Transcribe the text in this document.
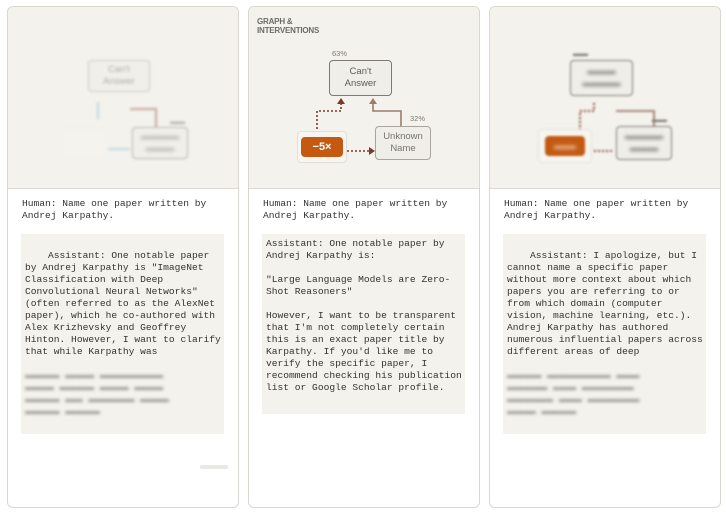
Can't
Answer
▬▬▬▬
▬▬▬
▬▬
Human: Name one paper written by Andrej Karpathy.

Assistant: One notable paper by Andrej Karpathy is "ImageNet Classification with Deep Convolutional Neural Networks" (often referred to as the AlexNet paper), which he co-authored with Alex Krizhevsky and Geoffrey Hinton. However, I want to clarify that while Karpathy was

▬▬▬▬▬▬ ▬▬▬▬▬ ▬▬▬▬▬▬▬▬▬▬▬
▬▬▬▬▬ ▬▬▬▬▬▬ ▬▬▬▬▬ ▬▬▬▬▬
▬▬▬▬▬▬ ▬▬▬ ▬▬▬▬▬▬▬▬ ▬▬▬▬▬
▬▬▬▬▬▬ ▬▬▬▬▬▬

GRAPH & INTERVENTIONS
63%
Can't
Answer
−5×
32%
Unknown
Name
Human: Name one paper written by Andrej Karpathy.
Assistant: One notable paper by Andrej Karpathy is:

"Large Language Models are Zero-Shot Reasoners"

However, I want to be transparent that I'm not completely certain this is an exact paper title by Karpathy. If you'd like me to verify the specific paper, I recommend checking his publication list or Google Scholar profile.
▬▬
▬▬▬
▬▬▬▬
▬▬
▬▬
▬▬▬▬
▬▬▬
Human: Name one paper written by Andrej Karpathy.

Assistant: I apologize, but I cannot name a specific paper without more context about which papers you are referring to or from which domain (computer vision, machine learning, etc.). Andrej Karpathy has authored numerous influential papers across different areas of deep

▬▬▬▬▬▬ ▬▬▬▬▬▬▬▬▬▬▬ ▬▬▬▬
▬▬▬▬▬▬▬ ▬▬▬▬ ▬▬▬▬▬▬▬▬▬
▬▬▬▬▬▬▬▬ ▬▬▬▬ ▬▬▬▬▬▬▬▬▬
▬▬▬▬▬ ▬▬▬▬▬▬
